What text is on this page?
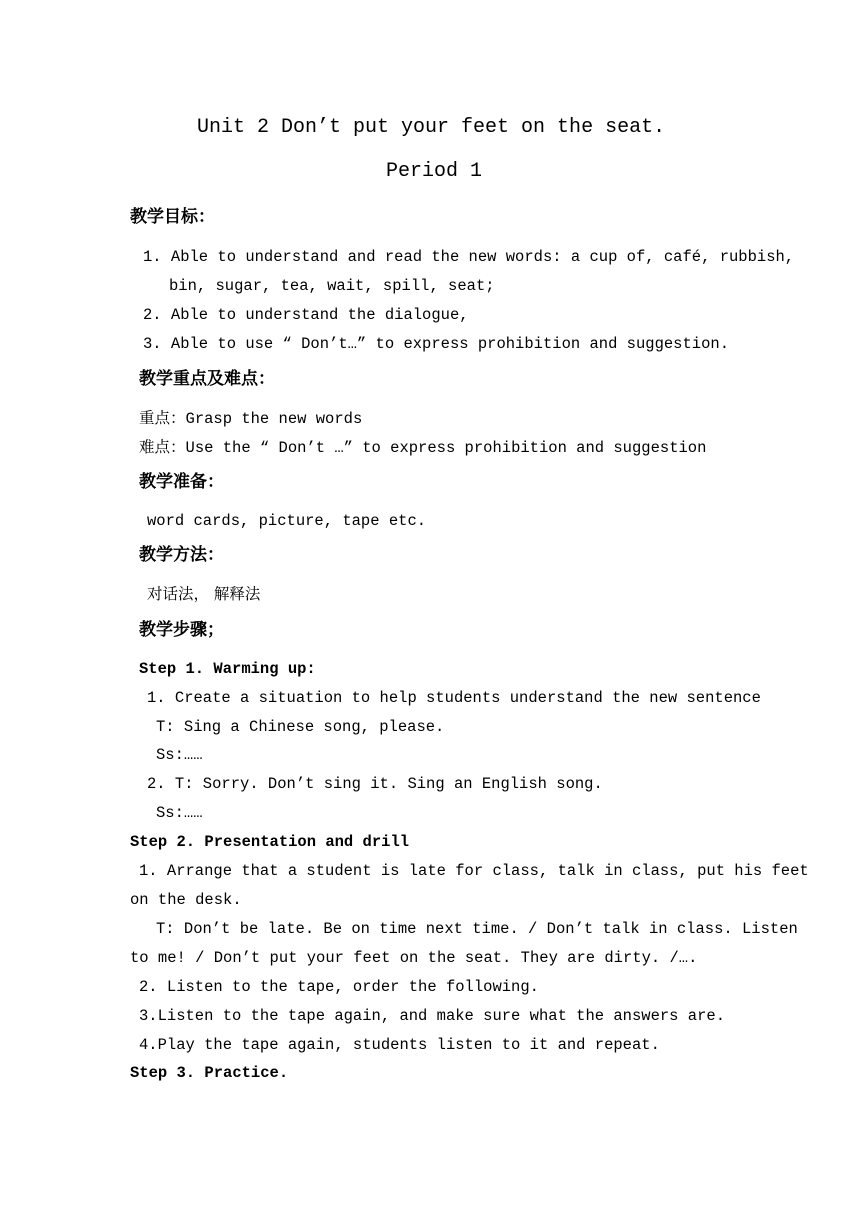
Unit 2 Don’t put your feet on the seat.
Period 1
教学目标：
1. Able to understand and read the new words: a cup of, café, rubbish,
bin, sugar, tea, wait, spill, seat;
2. Able to understand the dialogue,
3. Able to use “ Don’t…” to express prohibition and suggestion.
教学重点及难点：
重点：Grasp the new words
难点：Use the “ Don’t …” to express prohibition and suggestion
教学准备：
word cards, picture, tape etc.
教学方法：
对话法， 解释法
教学步骤；
Step 1. Warming up:
1. Create a situation to help students understand the new sentence
T: Sing a Chinese song, please.
Ss:……
2. T: Sorry. Don’t sing it. Sing an English song.
Ss:……
Step 2. Presentation and drill
1. Arrange that a student is late for class, talk in class, put his feet
on the desk.
T: Don’t be late. Be on time next time. / Don’t talk in class. Listen
to me! / Don’t put your feet on the seat. They are dirty. /….
2. Listen to the tape, order the following.
3.Listen to the tape again, and make sure what the answers are.
4.Play the tape again, students listen to it and repeat.
Step 3. Practice.
